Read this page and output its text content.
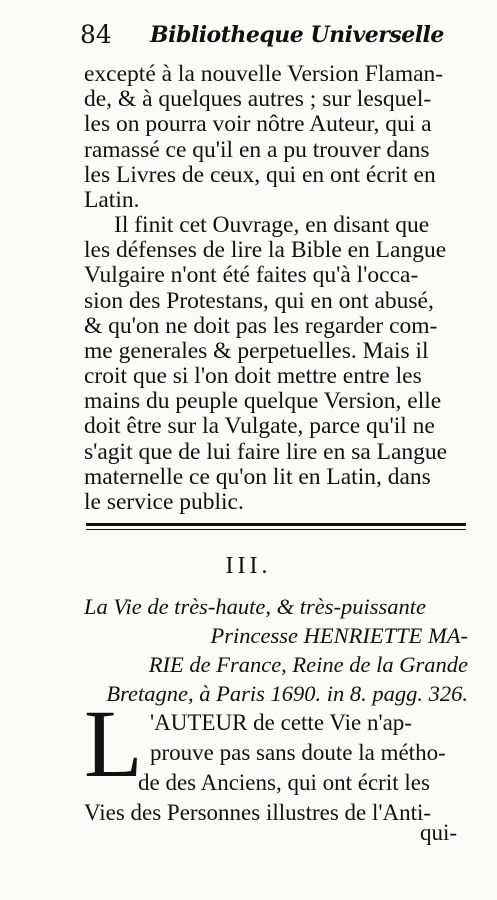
84 Bibliotheque Universelle
excepté à la nouvelle Version Flaman-
de, & à quelques autres ; sur lesquel-
les on pourra voir nôtre Auteur, qui a
ramassé ce qu'il en a pu trouver dans
les Livres de ceux, qui en ont écrit en
Latin.
Il finit cet Ouvrage, en disant que
les défenses de lire la Bible en Langue
Vulgaire n'ont été faites qu'à l'occa-
sion des Protestans, qui en ont abusé,
& qu'on ne doit pas les regarder com-
me generales & perpetuelles. Mais il
croit que si l'on doit mettre entre les
mains du peuple quelque Version, elle
doit être sur la Vulgate, parce qu'il ne
III.
La Vie de très-haute, & très-puissante
Princesse HENRIETTE MA-
RIE de France, Reine de la Grande
Bretagne, à Paris 1690. in 8. pagg. 326.
L 'AUTEUR de cette Vie n'ap-
prouve pas sans doute la métho-
de des Anciens, qui ont écrit les
Vies des Personnes illustres de l'Anti-
qui-
s'agit que de lui faire lire en sa Langue
maternelle ce qu'on lit en Latin, dans
le service public.
